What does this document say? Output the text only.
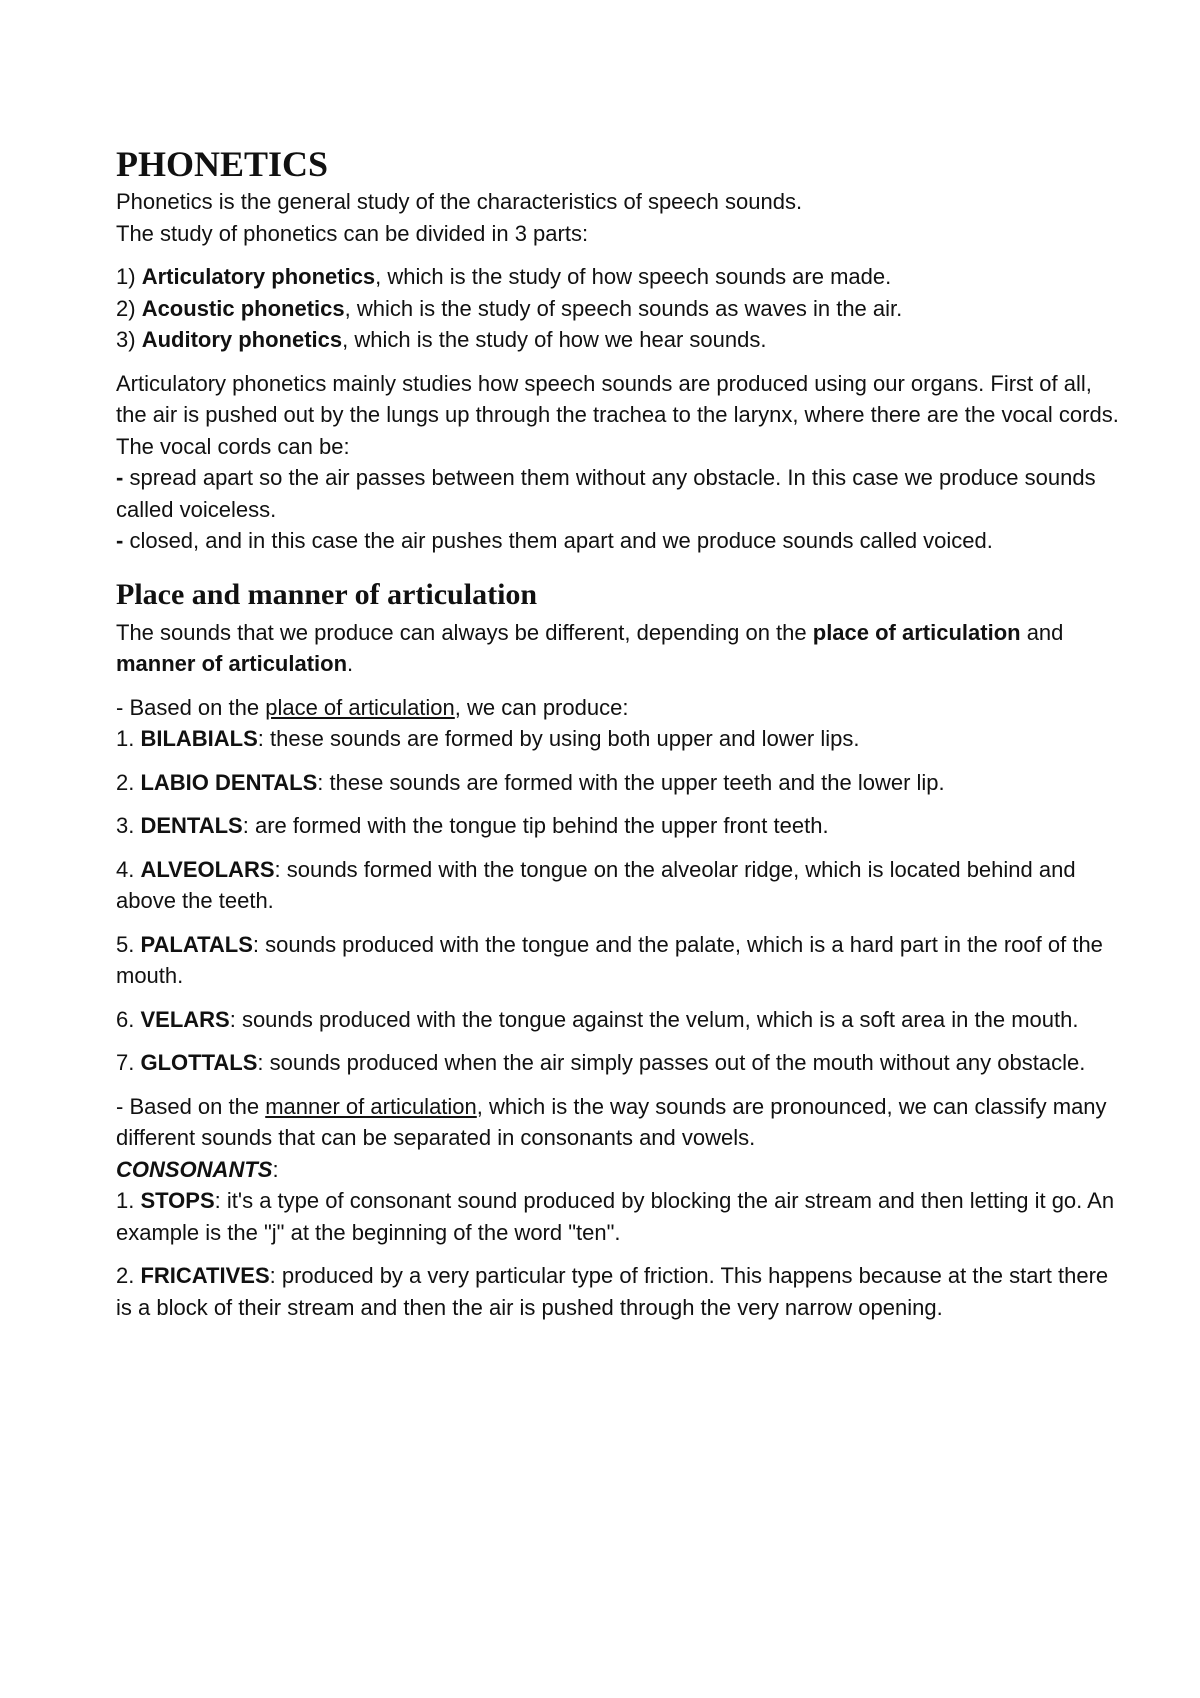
PHONETICS

Phonetics is the general study of the characteristics of speech sounds.

The study of phonetics can be divided in 3 parts:

1) Articulatory phonetics, which is the study of how speech sounds are made.

2) Acoustic phonetics, which is the study of speech sounds as waves in the air.

3) Auditory phonetics, which is the study of how we hear sounds.

Articulatory phonetics mainly studies how speech sounds are produced using our organs. First of all, the air is pushed out by the lungs up through the trachea to the larynx, where there are the vocal cords. The vocal cords can be:

- spread apart so the air passes between them without any obstacle. In this case we produce sounds called voiceless.

- closed, and in this case the air pushes them apart and we produce sounds called voiced.

Place and manner of articulation

The sounds that we produce can always be different, depending on the place of articulation and manner of articulation.

- Based on the place of articulation, we can produce:

1. BILABIALS: these sounds are formed by using both upper and lower lips.

2. LABIO DENTALS: these sounds are formed with the upper teeth and the lower lip.

3. DENTALS: are formed with the tongue tip behind the upper front teeth.

4. ALVEOLARS: sounds formed with the tongue on the alveolar ridge, which is located behind and above the teeth.

5. PALATALS: sounds produced with the tongue and the palate, which is a hard part in the roof of the mouth.

6. VELARS: sounds produced with the tongue against the velum, which is a soft area in the mouth.

7. GLOTTALS: sounds produced when the air simply passes out of the mouth without any obstacle.

- Based on the manner of articulation, which is the way sounds are pronounced, we can classify many different sounds that can be separated in consonants and vowels.

CONSONANTS:

1. STOPS: it's a type of consonant sound produced by blocking the air stream and then letting it go. An example is the "j" at the beginning of the word "ten".

2. FRICATIVES: produced by a very particular type of friction. This happens because at the start there is a block of their stream and then the air is pushed through the very narrow opening.
